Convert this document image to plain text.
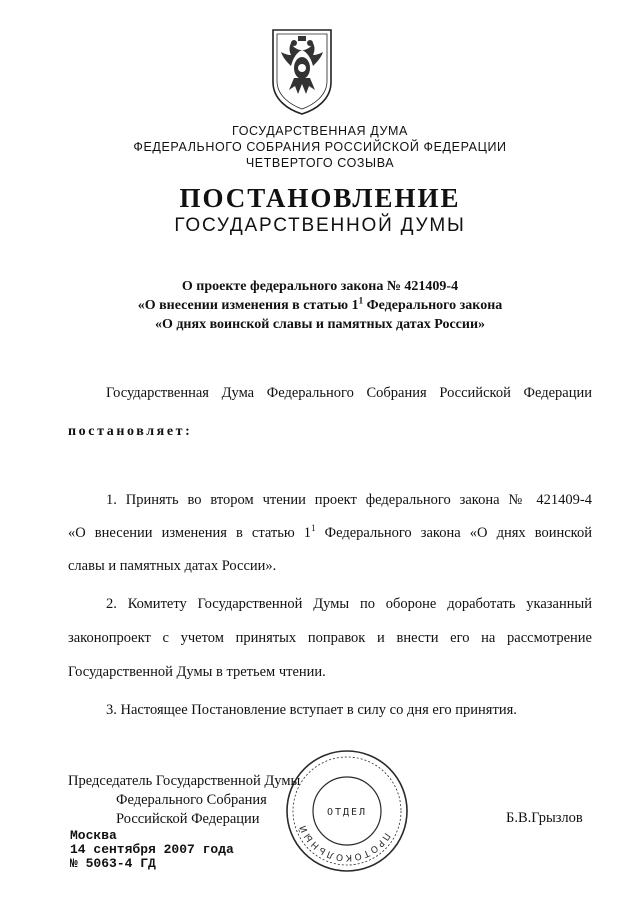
ГОСУДАРСТВЕННАЯ ДУМА
ФЕДЕРАЛЬНОГО СОБРАНИЯ РОССИЙСКОЙ ФЕДЕРАЦИИ
ЧЕТВЕРТОГО СОЗЫВА
ПОСТАНОВЛЕНИЕ
ГОСУДАРСТВЕННОЙ ДУМЫ
О проекте федерального закона № 421409-4
«О внесении изменения в статью $1^1$ Федерального закона
«О днях воинской славы и памятных датах России»
Государственная Дума Федерального Собрания Российской Федерации
постановляет:
1. Принять во втором чтении проект федерального закона № 421409-4
«О внесении изменения в статью $1^1$ Федерального закона «О днях воинской
славы и памятных датах России».
2. Комитету Государственной Думы по обороне доработать указанный
законопроект с учетом принятых поправок и внести его на рассмотрение
Государственной Думы в третьем чтении.
3. Настоящее Постановление вступает в силу со дня его принятия.
ПРОТОКОЛЬНЫЙ
ОТДЕЛ
Председатель Государственной Думы
Федерального Собрания
Российской Федерации	Б.В.Грызлов
Москва
14 сентября 2007 года
№ 5063-4 ГД
